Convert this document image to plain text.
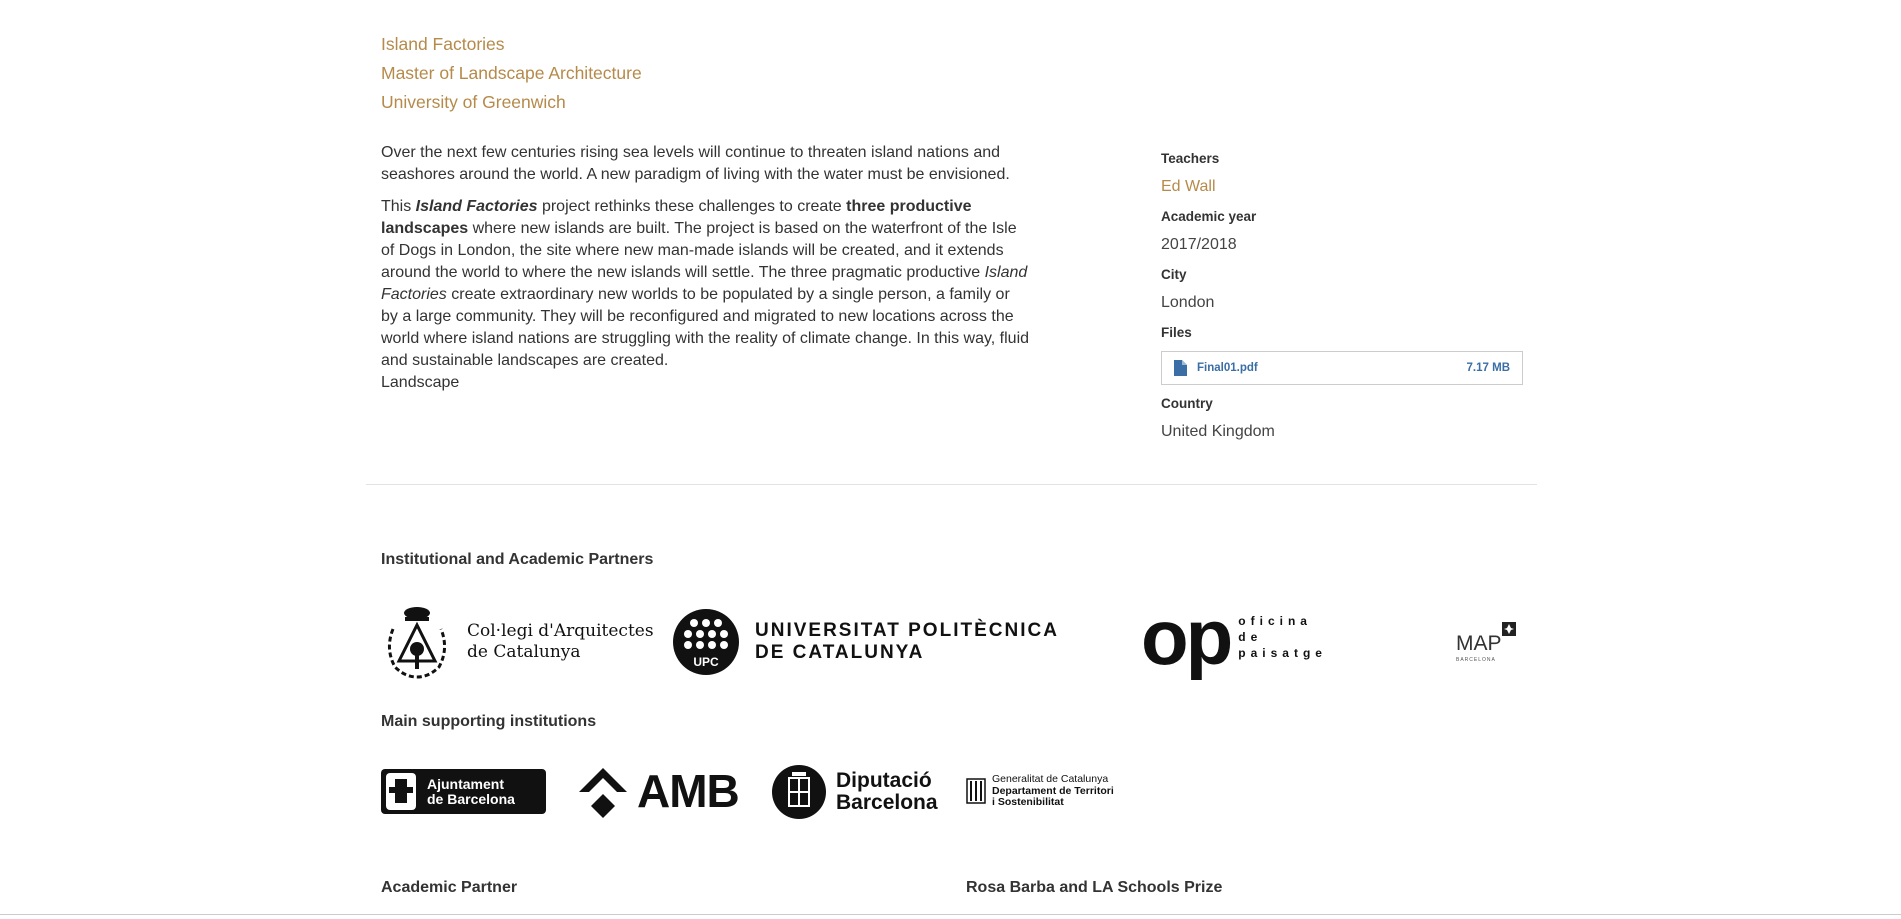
Island Factories
Master of Landscape Architecture
University of Greenwich

Over the next few centuries rising sea levels will continue to threaten island nations and seashores around the world. A new paradigm of living with the water must be envisioned.

This Island Factories project rethinks these challenges to create three productive landscapes where new islands are built. The project is based on the waterfront of the Isle of Dogs in London, the site where new man-made islands will be created, and it extends around the world to where the new islands will settle. The three pragmatic productive Island Factories create extraordinary new worlds to be populated by a single person, a family or by a large community. They will be reconfigured and migrated to new locations across the world where island nations are struggling with the reality of climate change. In this way, fluid and sustainable landscapes are created.

Landscape
Teachers
Ed Wall
Academic year
2017/2018
City
London
Files
Final01.pdf	7.17 MB
Country
United Kingdom
Institutional and Academic Partners
Col·legi d'Arquitectes
de Catalunya	UPC
UNIVERSITAT POLITÈCNICA
DE CATALUNYA	op oficina
de
paisatge	MAP
BARCELONA
Main supporting institutions
Ajuntament
de Barcelona	AMB	Diputació
Barcelona
Generalitat de Catalunya
Departament de Territori
i Sostenibilitat
Academic Partner	Rosa Barba and LA Schools Prize
